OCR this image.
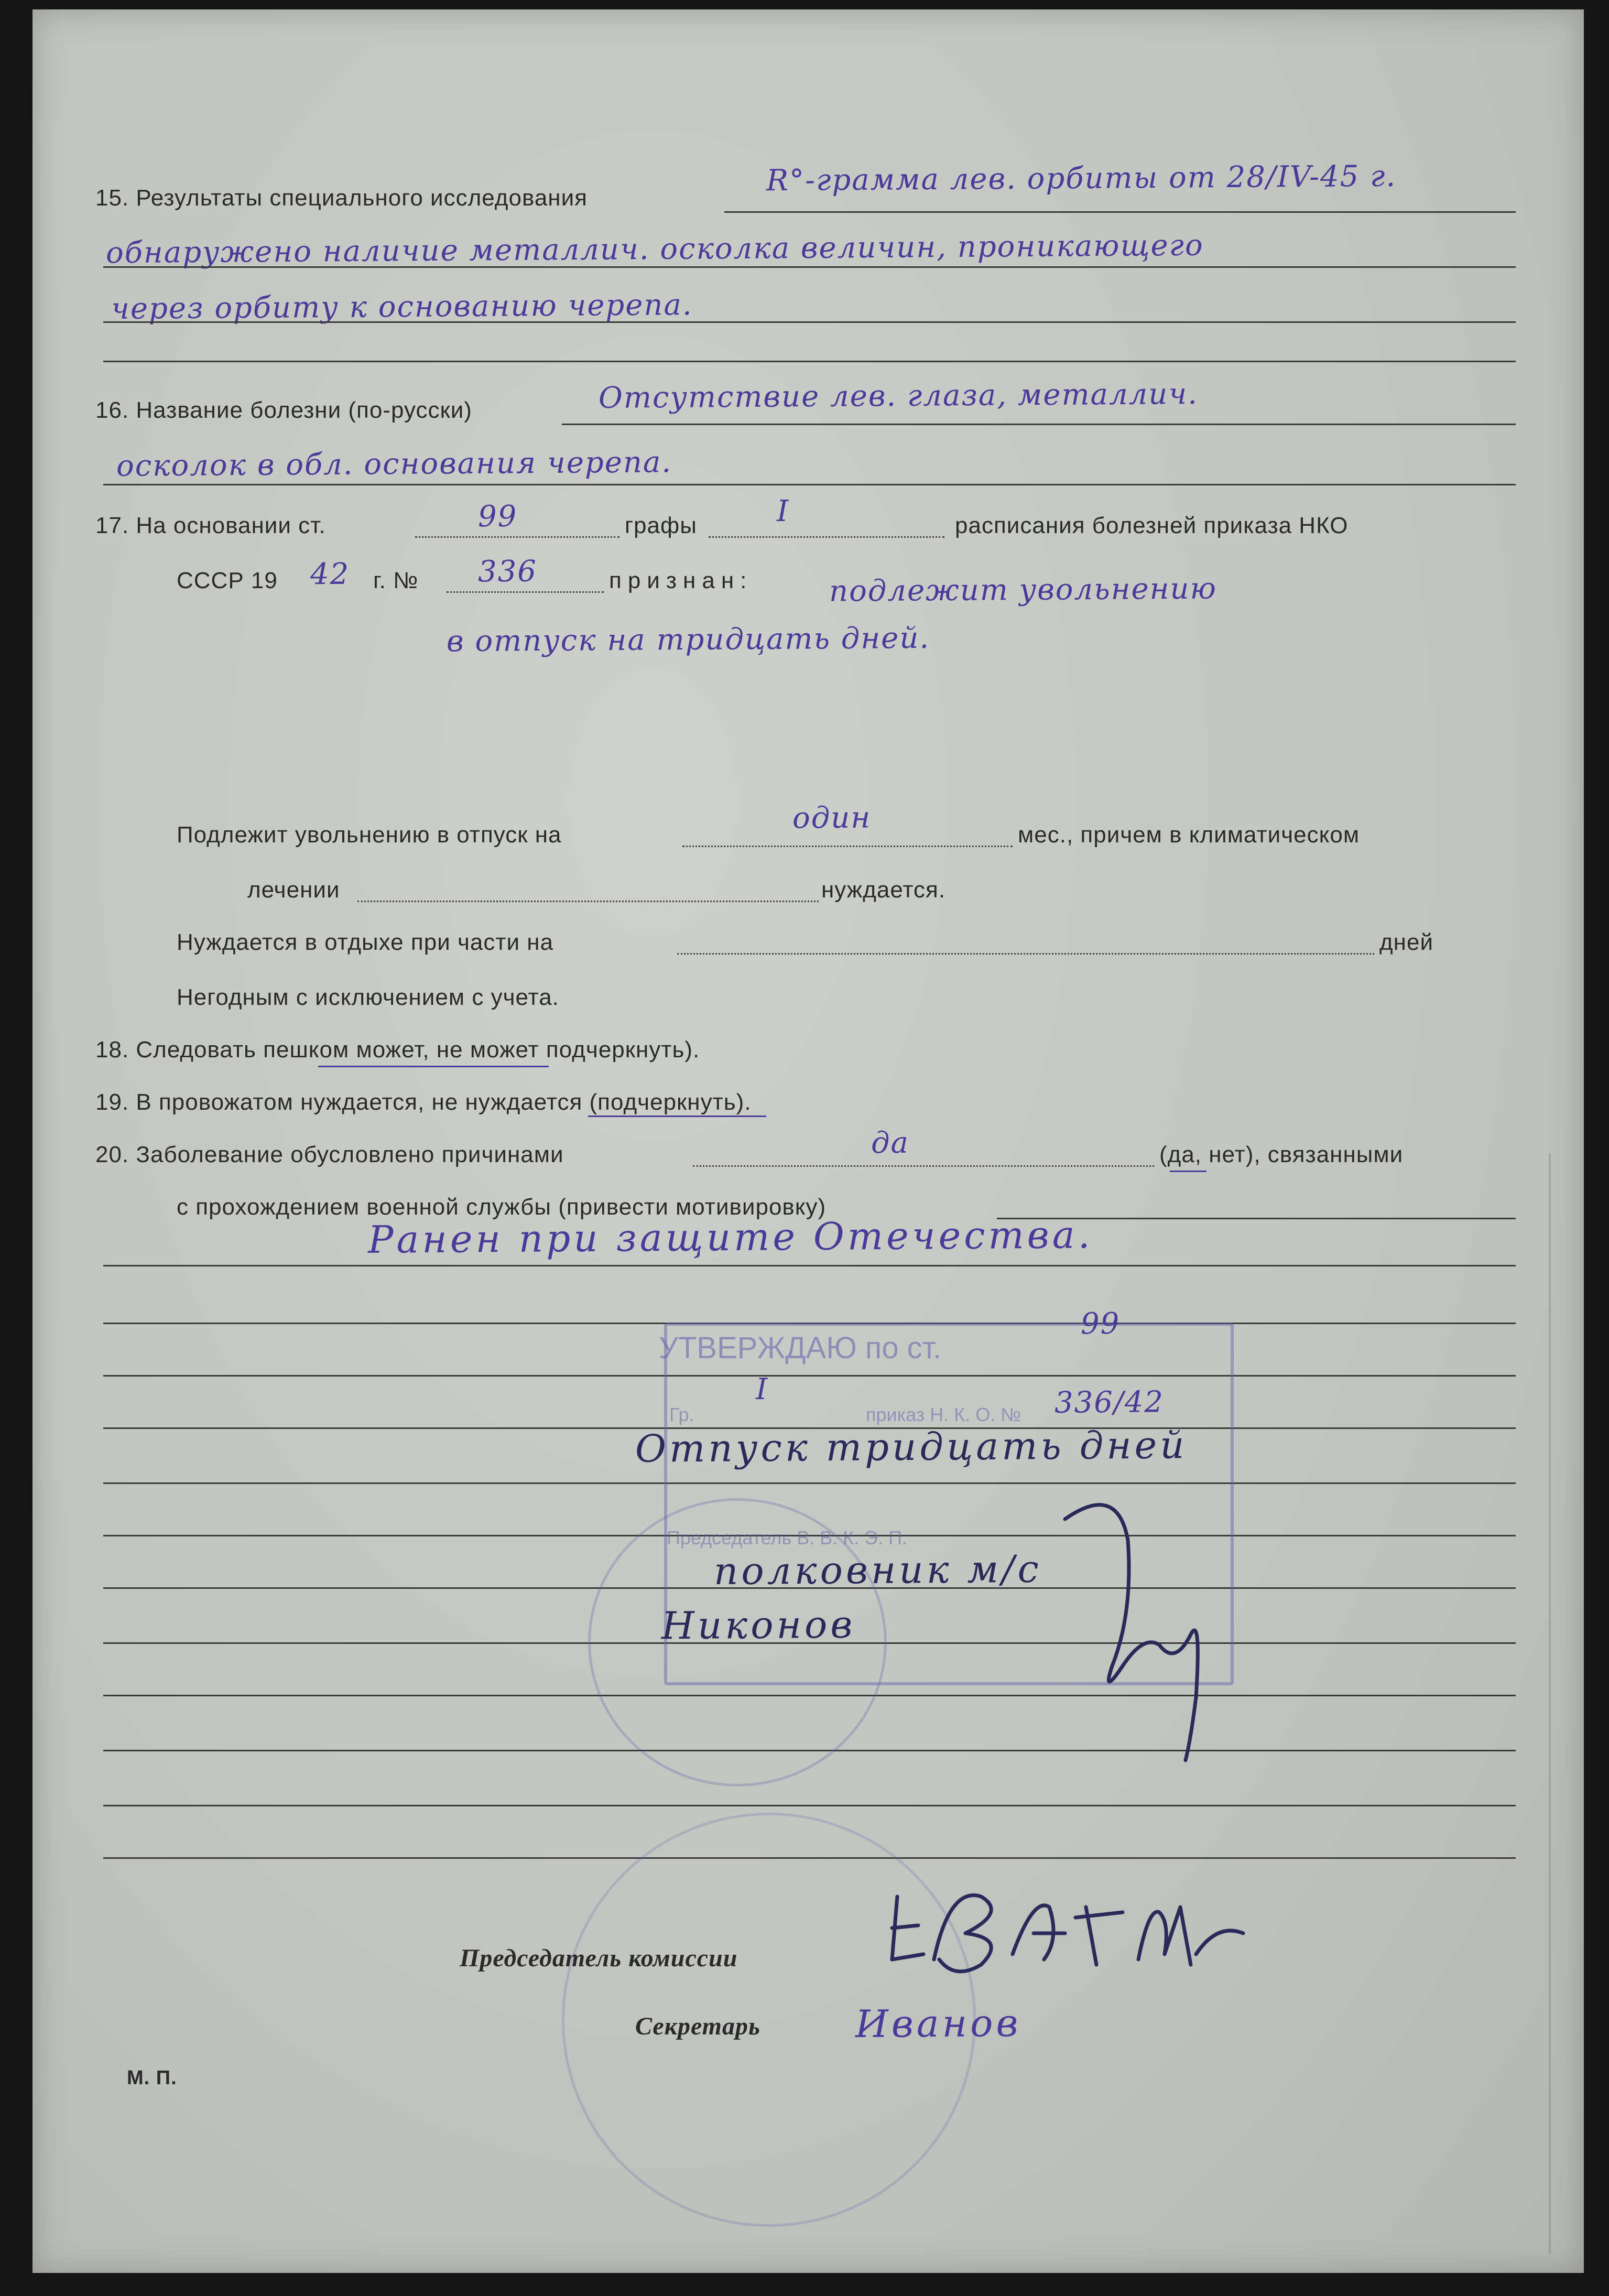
15. Результаты специального исследования
R°-грамма лев. орбиты от 28/IV-45 г.
обнаружено наличие металлич. осколка величин, проникающего
через орбиту к основанию черепа.
16. Название болезни (по-русски)	Отсутствие лев. глаза, металлич.
осколок в обл. основания черепа.
17. На основании ст.	99	графы	I	расписания болезней приказа НКО
СССР 19 42 г. № 336	признан:	подлежит увольнению
в отпуск на тридцать дней.
Подлежит увольнению в отпуск на	один	мес., причем в климатическом
лечении	нуждается.
Нуждается в отдыхе при части на	дней
Негодным с исключением с учета.
18. Следовать пешком может, не может подчеркнуть).
19. В провожатом нуждается, не нуждается (подчеркнуть).
20. Заболевание обусловлено причинами	да	(да, нет), связанными
с прохождением военной службы (привести мотивировку)
Ранен при защите Отечества.
УТВЕРЖДАЮ по ст.
99
Гр.
I
приказ Н. К. О. № 336/42
Отпуск тридцать дней
Председатель В. В. К. Э. П.
полковник м/с
Никонов
Председатель комиссии
Секретарь	Иванов
М. П.
